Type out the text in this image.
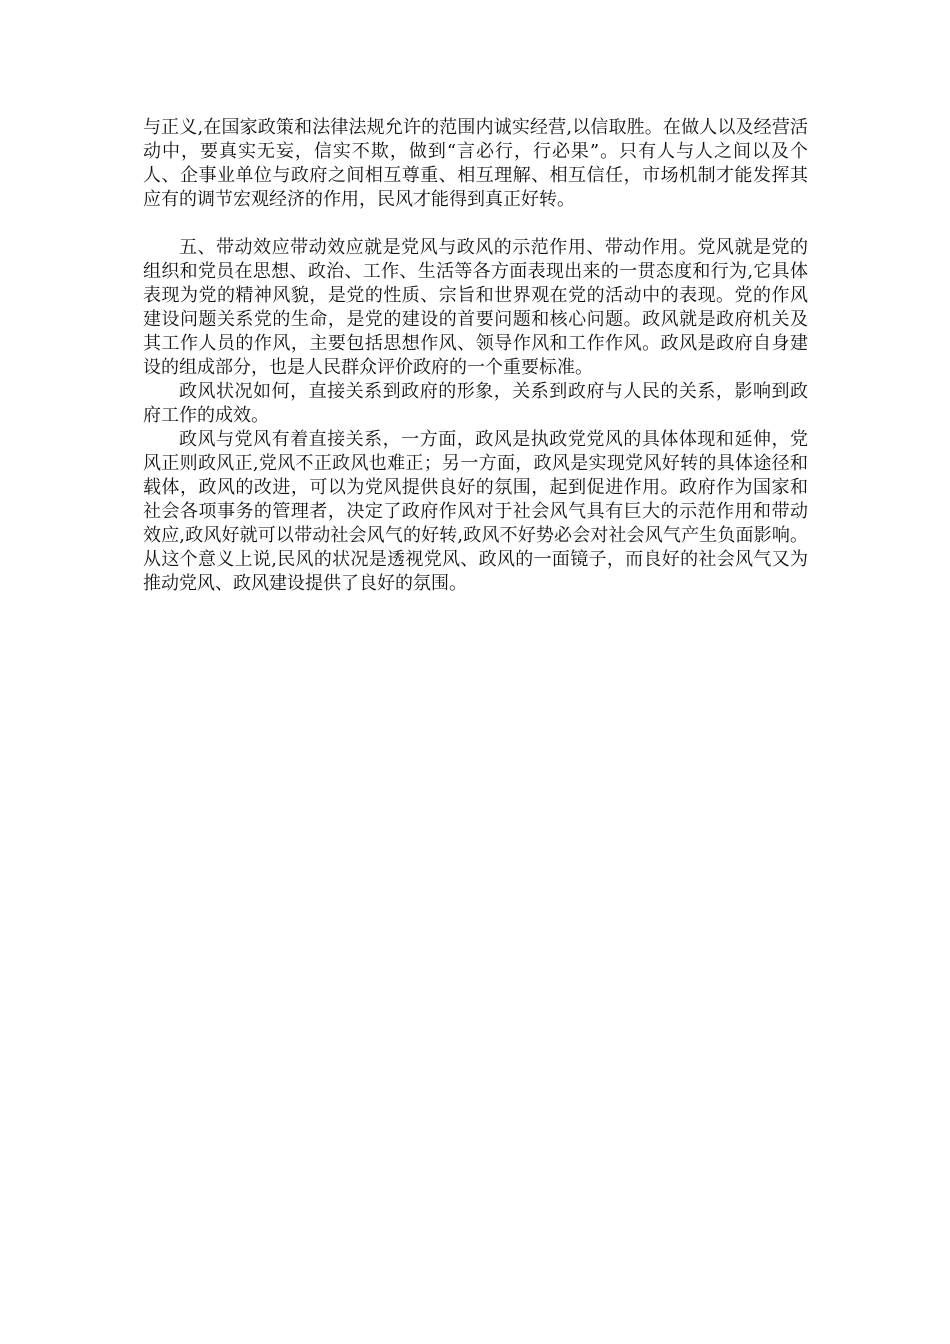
与正义,在国家政策和法律法规允许的范围内诚实经营,以信取胜。在做人以及经营活动中，要真实无妄，信实不欺，做到“言必行，行必果”。只有人与人之间以及个人、企事业单位与政府之间相互尊重、相互理解、相互信任，市场机制才能发挥其应有的调节宏观经济的作用，民风才能得到真正好转。

五、带动效应带动效应就是党风与政风的示范作用、带动作用。党风就是党的组织和党员在思想、政治、工作、生活等各方面表现出来的一贯态度和行为,它具体表现为党的精神风貌，是党的性质、宗旨和世界观在党的活动中的表现。党的作风建设问题关系党的生命，是党的建设的首要问题和核心问题。政风就是政府机关及其工作人员的作风，主要包括思想作风、领导作风和工作作风。政风是政府自身建设的组成部分，也是人民群众评价政府的一个重要标准。

政风状况如何，直接关系到政府的形象，关系到政府与人民的关系，影响到政府工作的成效。

政风与党风有着直接关系，一方面，政风是执政党党风的具体体现和延伸，党风正则政风正,党风不正政风也难正；另一方面，政风是实现党风好转的具体途径和载体，政风的改进，可以为党风提供良好的氛围，起到促进作用。政府作为国家和社会各项事务的管理者，决定了政府作风对于社会风气具有巨大的示范作用和带动效应,政风好就可以带动社会风气的好转,政风不好势必会对社会风气产生负面影响。从这个意义上说,民风的状况是透视党风、政风的一面镜子，而良好的社会风气又为推动党风、政风建设提供了良好的氛围。
